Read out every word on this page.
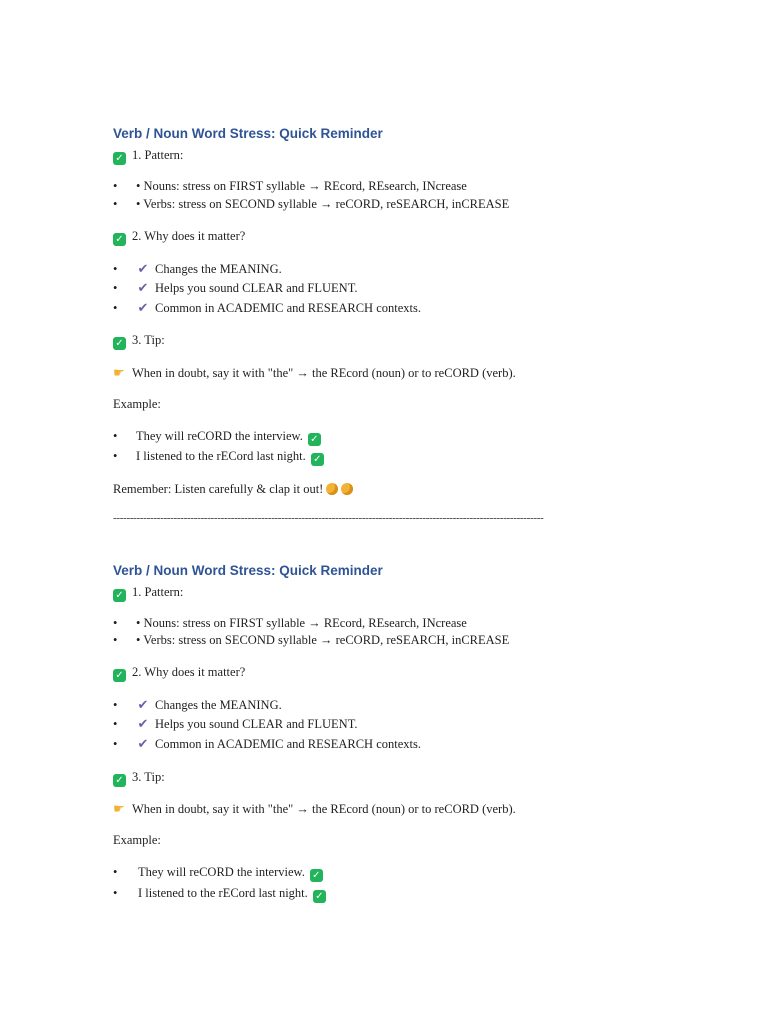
Verb / Noun Word Stress: Quick Reminder
✓ 1. Pattern:
• • Nouns: stress on FIRST syllable → REcord, REsearch, INcrease
• • Verbs: stress on SECOND syllable → reCORD, reSEARCH, inCREASE
✓ 2. Why does it matter?
• ✔ Changes the MEANING.
• ✔ Helps you sound CLEAR and FLUENT.
• ✔ Common in ACADEMIC and RESEARCH contexts.
✓ 3. Tip:
☛ When in doubt, say it with "the" → the REcord (noun) or to reCORD (verb).
Example:
• They will reCORD the interview. ✓
• I listened to the rECord last night. ✓
Remember: Listen carefully & clap it out!
--------------------------------------------------------------------------------------------------------------------------------
Verb / Noun Word Stress: Quick Reminder
✓ 1. Pattern:
• • Nouns: stress on FIRST syllable → REcord, REsearch, INcrease
• • Verbs: stress on SECOND syllable → reCORD, reSEARCH, inCREASE
✓ 2. Why does it matter?
• ✔ Changes the MEANING.
• ✔ Helps you sound CLEAR and FLUENT.
• ✔ Common in ACADEMIC and RESEARCH contexts.
✓ 3. Tip:
☛ When in doubt, say it with "the" → the REcord (noun) or to reCORD (verb).
Example:
• They will reCORD the interview. ✓
• I listened to the rECord last night. ✓
